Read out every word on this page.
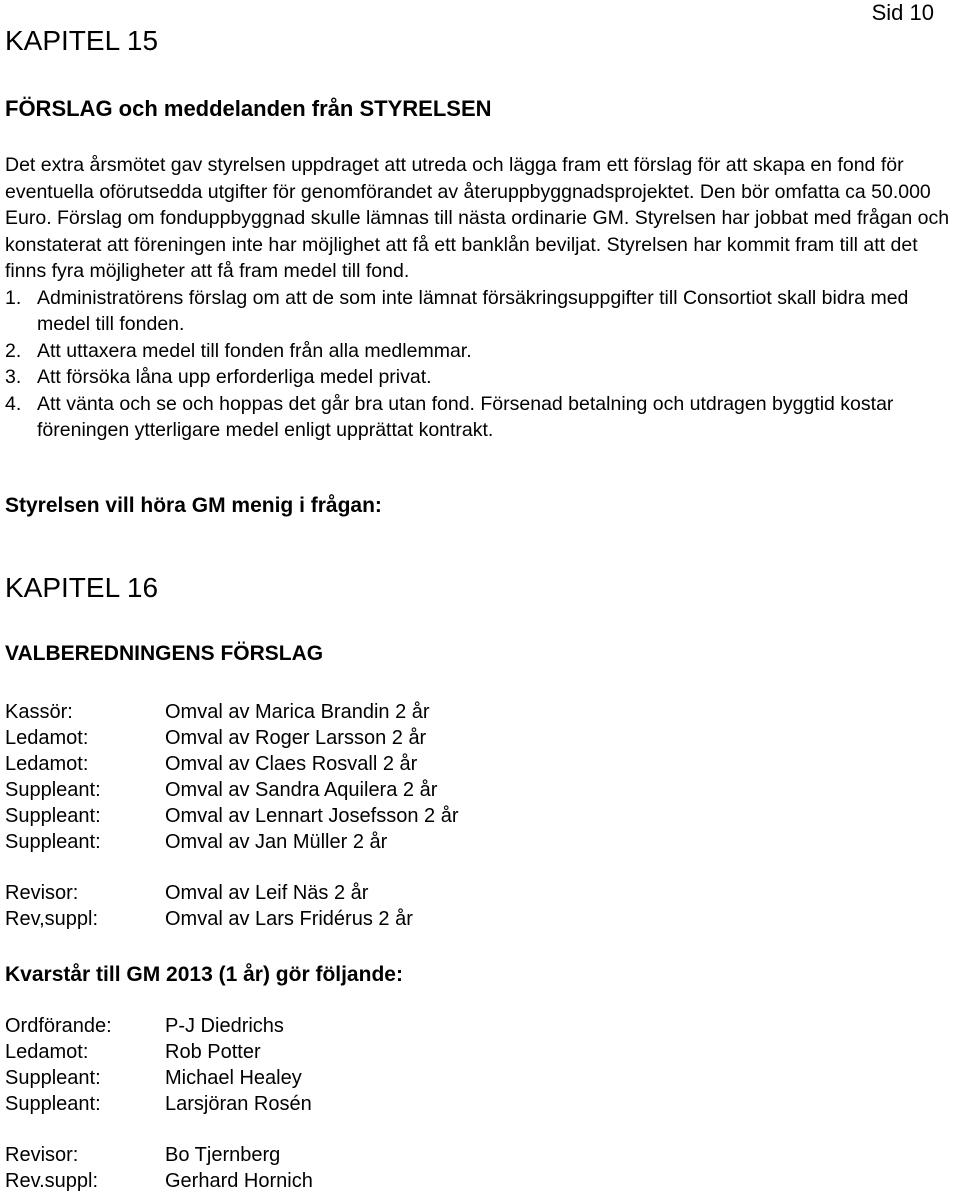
Sid 10
KAPITEL 15
FÖRSLAG och meddelanden från STYRELSEN

Det extra årsmötet gav styrelsen uppdraget att utreda och lägga fram ett förslag för att skapa en fond för eventuella oförutsedda utgifter för genomförandet av återuppbyggnadsprojektet. Den bör omfatta ca 50.000 Euro. Förslag om fonduppbyggnad skulle lämnas till nästa ordinarie GM. Styrelsen har jobbat med frågan och konstaterat att föreningen inte har möjlighet att få ett banklån beviljat. Styrelsen har kommit fram till att det finns fyra möjligheter att få fram medel till fond.

1. Administratörens förslag om att de som inte lämnat försäkringsuppgifter till Consortiot skall bidra med medel till fonden.
2. Att uttaxera medel till fonden från alla medlemmar.
3. Att försöka låna upp erforderliga medel privat.
4. Att vänta och se och hoppas det går bra utan fond. Försenad betalning och utdragen byggtid kostar föreningen ytterligare medel enligt upprättat kontrakt.
Styrelsen vill höra GM menig i frågan:
KAPITEL 16
VALBEREDNINGENS FÖRSLAG
Kassör:	Omval av Marica Brandin 2 år
Ledamot:	Omval av Roger Larsson 2 år
Ledamot:	Omval av Claes Rosvall 2 år
Suppleant:	Omval av Sandra Aquilera 2 år
Suppleant:	Omval av Lennart Josefsson 2 år
Suppleant:	Omval av Jan Müller 2 år
Revisor:	Omval av Leif Näs 2 år
Rev,suppl:	Omval av Lars Fridérus 2 år
Kvarstår till GM 2013 (1 år) gör följande:
Ordförande:	P-J Diedrichs
Ledamot:	Rob Potter
Suppleant:	Michael Healey
Suppleant:	Larsjöran Rosén
Revisor:	Bo Tjernberg
Rev.suppl:	Gerhard Hornich
